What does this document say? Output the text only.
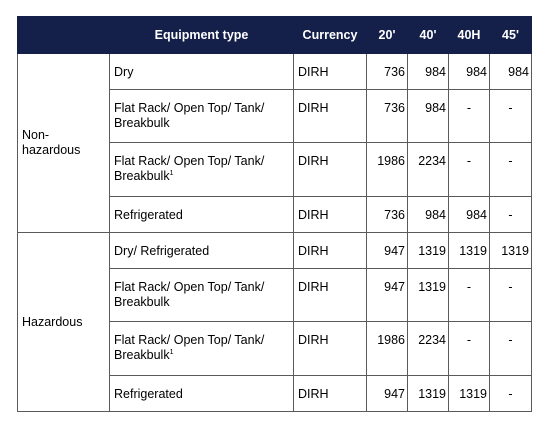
	Equipment type	Currency	20'	40'	40H	45'
Non-hazardous	Dry	DIRH	736	984	984	984
	Flat Rack/ Open Top/ Tank/ Breakbulk	DIRH	736	984	-	-
	Flat Rack/ Open Top/ Tank/ Breakbulk$^1$	DIRH	1986	2234	-	-
	Refrigerated	DIRH	736	984	984	-
Hazardous	Dry/ Refrigerated	DIRH	947	1319	1319	1319
	Flat Rack/ Open Top/ Tank/ Breakbulk	DIRH	947	1319	-	-
	Flat Rack/ Open Top/ Tank/ Breakbulk$^1$	DIRH	1986	2234	-	-
	Refrigerated	DIRH	947	1319	1319	-
